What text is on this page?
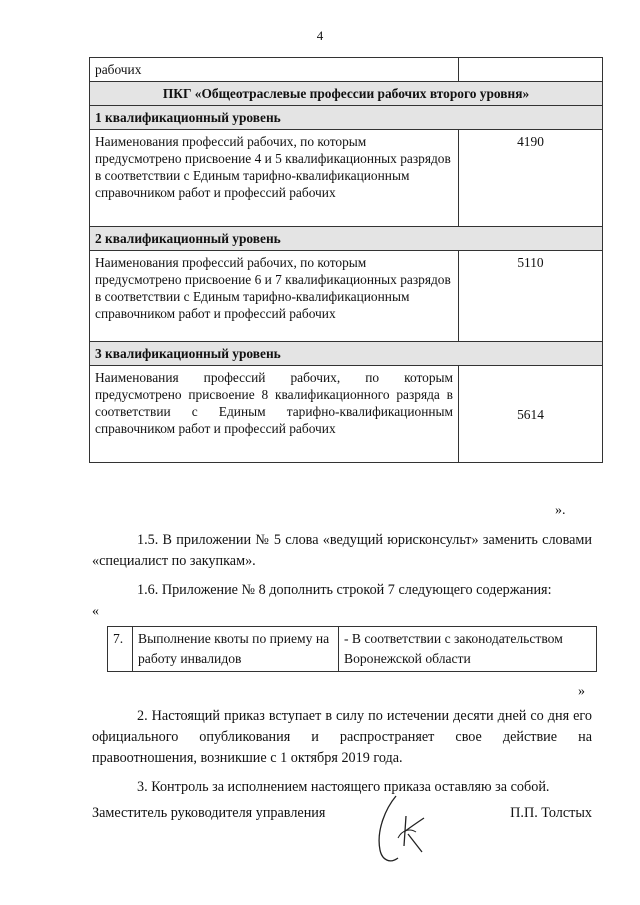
4
рабочих	
ПКГ «Общеотраслевые профессии рабочих второго уровня»	
1 квалификационный уровень	
Наименования профессий рабочих, по которым предусмотрено присвоение 4 и 5 квалификационных разрядов в соответствии с Единым тарифно-квалификационным справочником работ и профессий рабочих	4190
2 квалификационный уровень	
Наименования профессий рабочих, по которым предусмотрено присвоение 6 и 7 квалификационных разрядов в соответствии с Единым тарифно-квалификационным справочником работ и профессий рабочих	5110
3 квалификационный уровень	
Наименования профессий рабочих, по которым предусмотрено присвоение 8 квалификационного разряда в соответствии с Единым тарифно-квалификационным справочником работ и профессий рабочих	5614
».
1.5. В приложении № 5 слова «ведущий юрисконсульт» заменить словами «специалист по закупкам».
1.6. Приложение № 8 дополнить строкой 7 следующего содержания:
«
7.	Выполнение квоты по приему на работу инвалидов	- В соответствии с законодательством Воронежской области
»
2. Настоящий приказ вступает в силу по истечении десяти дней со дня его официального опубликования и распространяет свое действие на правоотношения, возникшие с 1 октября 2019 года.
3. Контроль за исполнением настоящего приказа оставляю за собой.
Заместитель руководителя управления	П.П. Толстых
